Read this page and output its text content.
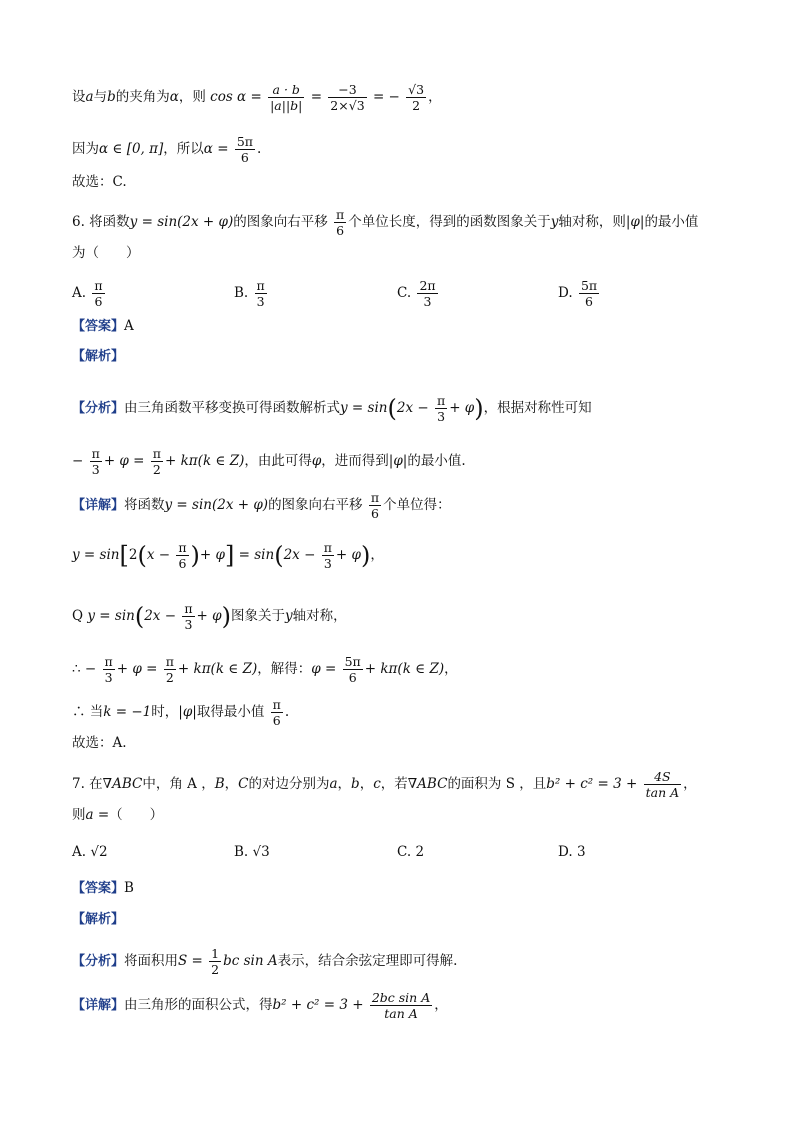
设a与b的夹角为α，则 $\cos \alpha = \frac{a \cdot b}{|a||b|} = \frac{-3}{2\times√3}$ = − $\frac{√3}{2}$ ，
因为α ∈ [0, π]，所以$\alpha = \frac{5\pi}{6}$ .
故选：C.
6. 将函数y = sin(2x + φ)的图象向右平移 $\frac{\pi}{6}$ 个单位长度，得到的函数图象关于y轴对称，则|φ|的最小值
为（　　）
A. $\frac{\pi}{6}$	B. $\frac{\pi}{3}$	C. $\frac{2\pi}{3}$	D. $\frac{5\pi}{6}$
【答案】A
【解析】
【分析】由三角函数平移变换可得函数解析式$y = \sin(2x - \frac{\pi}{3} + \varphi)$，根据对称性可知
− $\frac{\pi}{3} + \varphi = \frac{\pi}{2} + k\pi(k$ ∈ Z)，由此可得φ，进而得到|φ|的最小值.
【详解】将函数y = sin(2x + φ)的图象向右平移 $\frac{\pi}{6}$ 个单位得：
$y = \sin[2(x - \frac{\pi}{6}$ )+ $\varphi] = \sin(2x - \frac{\pi}{3} + \varphi)$，
Q $y = \sin(2x - \frac{\pi}{3} + \varphi)$图象关于y轴对称，
∴ − $\frac{\pi}{3} + \varphi = \frac{\pi}{2} + k\pi(k$ ∈ Z)，解得：$\varphi = \frac{5\pi}{6} + k\pi(k$ ∈ Z)，
∴ 当k = −1时，|φ|取得最小值 $\frac{\pi}{6}$ .
故选：A.
7. 在∇ABC中，角 A ，B，C的对边分别为a，b，c，若∇ABC的面积为 S ，且$b^2 + c^2 = 3 + \frac{4S}{\text{tan A}}$ ，
则a =（　　）
A. √2	B. √3	C. 2	D. 3
【答案】B
【解析】
【分析】将面积用$S = \frac{1}{2}$ bc sin A表示，结合余弦定理即可得解.
【详解】由三角形的面积公式，得$b^2 + c^2 = 3 + \frac{\text{2bc sin A}}{\text{tan A}}$ ，
